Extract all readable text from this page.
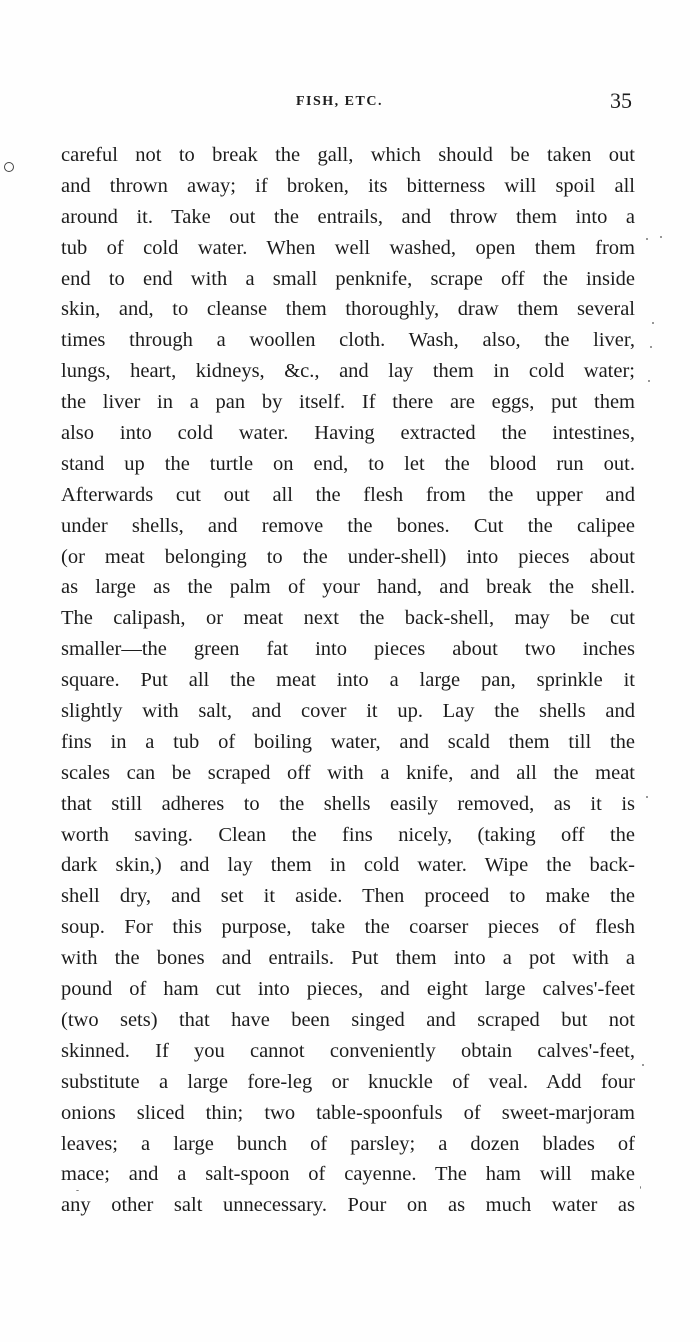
FISH, ETC.	35
careful not to break the gall, which should be taken out
and thrown away; if broken, its bitterness will spoil all
around it. Take out the entrails, and throw them into a
tub of cold water. When well washed, open them from
end to end with a small penknife, scrape off the inside
skin, and, to cleanse them thoroughly, draw them several
times through a woollen cloth. Wash, also, the liver,
lungs, heart, kidneys, &c., and lay them in cold water;
the liver in a pan by itself. If there are eggs, put them
also into cold water. Having extracted the intestines,
stand up the turtle on end, to let the blood run out.
Afterwards cut out all the flesh from the upper and
under shells, and remove the bones. Cut the calipee
(or meat belonging to the under-shell) into pieces about
as large as the palm of your hand, and break the shell.
The calipash, or meat next the back-shell, may be cut
smaller—the green fat into pieces about two inches
square. Put all the meat into a large pan, sprinkle it
slightly with salt, and cover it up. Lay the shells and
fins in a tub of boiling water, and scald them till the
scales can be scraped off with a knife, and all the meat
that still adheres to the shells easily removed, as it is
worth saving. Clean the fins nicely, (taking off the
dark skin,) and lay them in cold water. Wipe the back-
shell dry, and set it aside. Then proceed to make the
soup. For this purpose, take the coarser pieces of flesh
with the bones and entrails. Put them into a pot with a
pound of ham cut into pieces, and eight large calves'-feet
(two sets) that have been singed and scraped but not
skinned. If you cannot conveniently obtain calves'-feet,
substitute a large fore-leg or knuckle of veal. Add four
onions sliced thin; two table-spoonfuls of sweet-marjoram
leaves; a large bunch of parsley; a dozen blades of
mace; and a salt-spoon of cayenne. The ham will make
any other salt unnecessary. Pour on as much water as
